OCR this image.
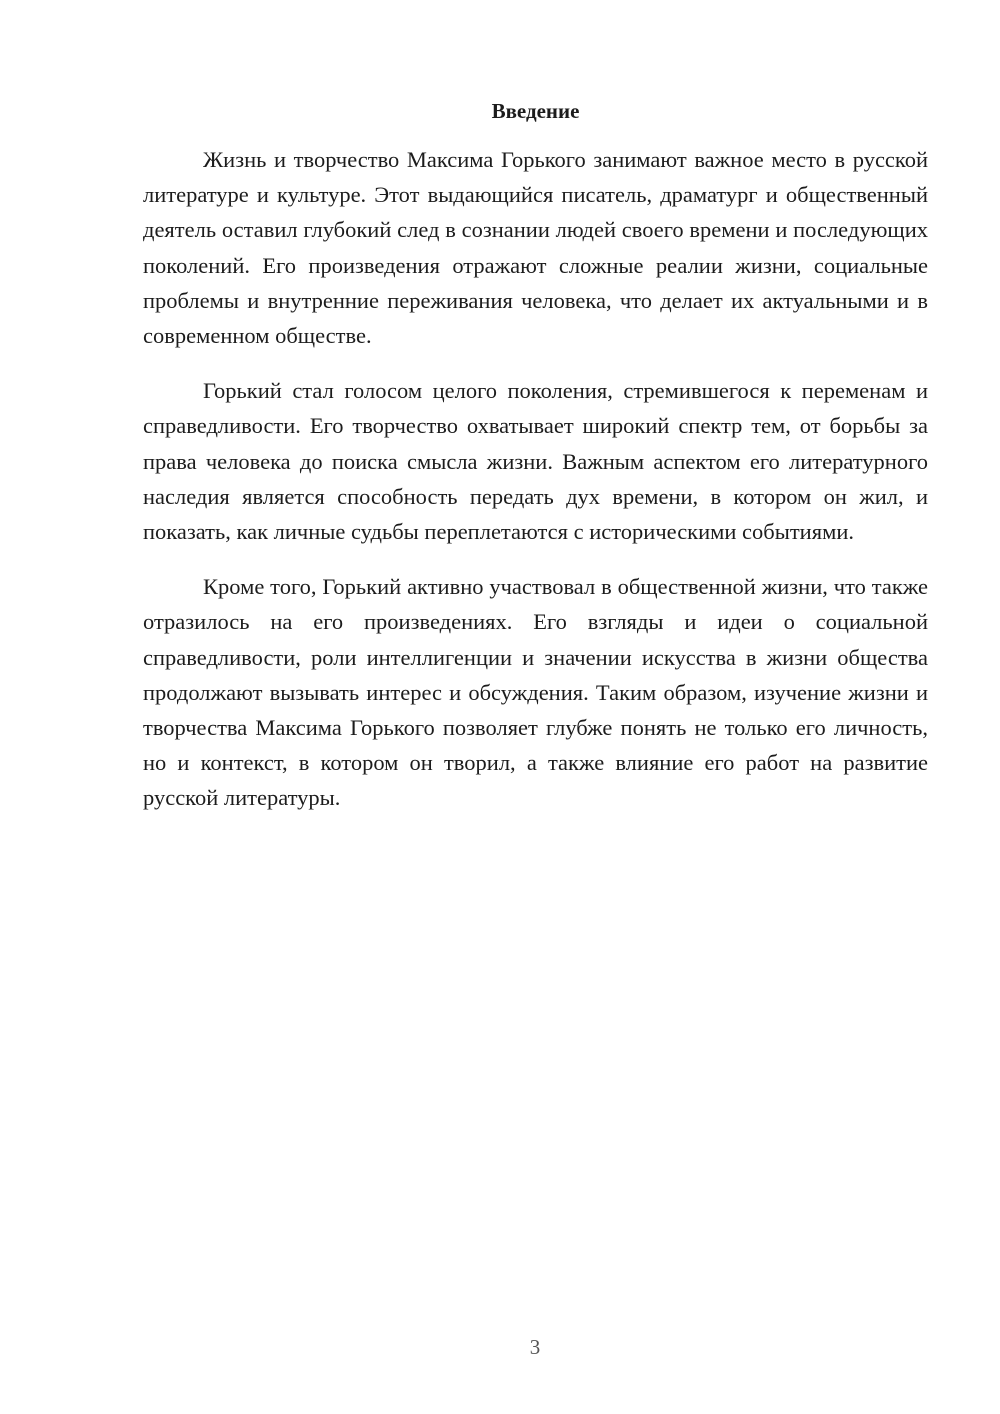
Введение

Жизнь и творчество Максима Горького занимают важное место в русской литературе и культуре. Этот выдающийся писатель, драматург и общественный деятель оставил глубокий след в сознании людей своего времени и последующих поколений. Его произведения отражают сложные реалии жизни, социальные проблемы и внутренние переживания человека, что делает их актуальными и в современном обществе.

Горький стал голосом целого поколения, стремившегося к переменам и справедливости. Его творчество охватывает широкий спектр тем, от борьбы за права человека до поиска смысла жизни. Важным аспектом его литературного наследия является способность передать дух времени, в котором он жил, и показать, как личные судьбы переплетаются с историческими событиями.

Кроме того, Горький активно участвовал в общественной жизни, что также отразилось на его произведениях. Его взгляды и идеи о социальной справедливости, роли интеллигенции и значении искусства в жизни общества продолжают вызывать интерес и обсуждения. Таким образом, изучение жизни и творчества Максима Горького позволяет глубже понять не только его личность, но и контекст, в котором он творил, а также влияние его работ на развитие русской литературы.

3
